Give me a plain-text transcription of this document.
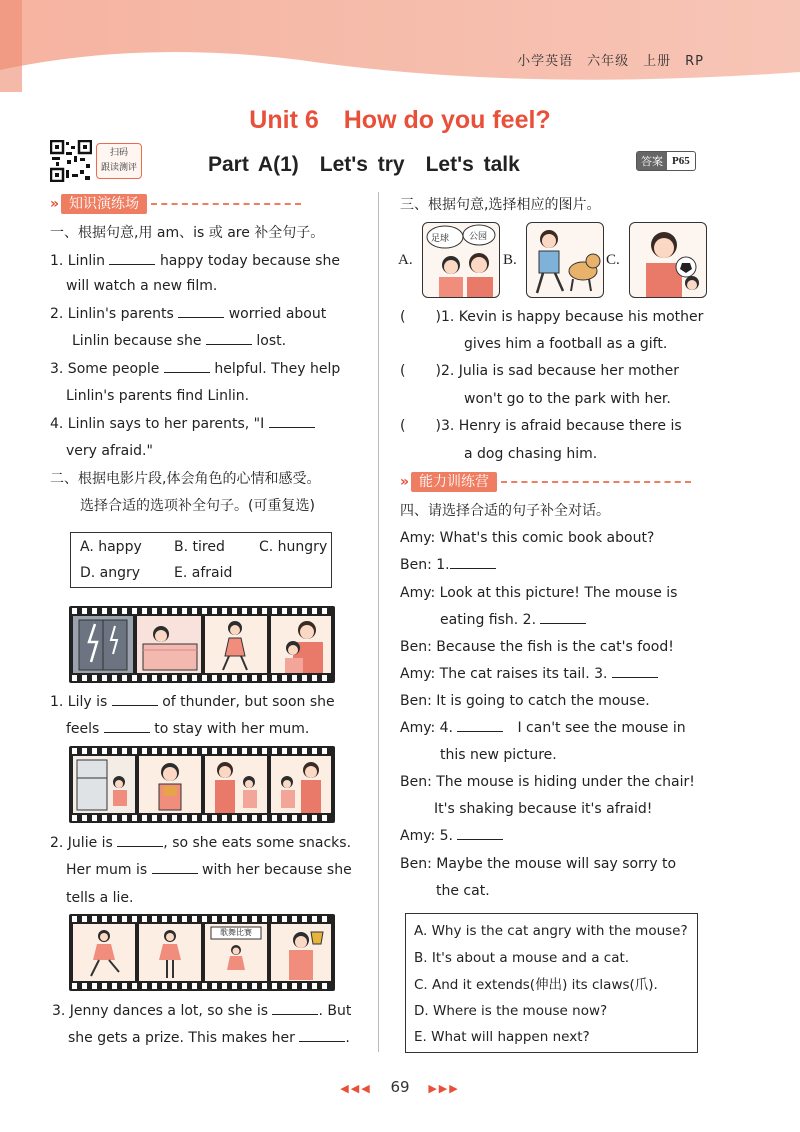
小学英语　六年级　上册　RP
Unit 6　How do you feel?
扫码
跟读测评	Part A(1)　Let's try　Let's talk	答案 P65
» 知识演练场
一、根据句意,用 am、is 或 are 补全句子。
1. Linlin	happy today because she
will watch a new film.
2. Linlin's parents	worried about
Linlin because she	lost.
3. Some people	helpful. They help
Linlin's parents find Linlin.
4. Linlin says to her parents, "I
very afraid."
二、根据电影片段,体会角色的心情和感受。
选择合适的选项补全句子。(可重复选)
A. happy B. tired C. hungry
D. angry E. afraid
1. Lily is	of thunder, but soon she
feels	to stay with her mum.
2. Julie is	, so she eats some snacks.
Her mum is	with her because she
tells a lie.
歌舞比赛
3. Jenny dances a lot, so she is	. But
she gets a prize. This makes her	.
三、根据句意,选择相应的图片。
A.
足球 公园
B.	C.
( )1. Kevin is happy because his mother
gives him a football as a gift.
( )2. Julia is sad because her mother
won't go to the park with her.
( )3. Henry is afraid because there is
a dog chasing him.
» 能力训练营
四、请选择合适的句子补全对话。
Amy: What's this comic book about?
Ben: 1.
Amy: Look at this picture! The mouse is
eating fish. 2.
Ben: Because the fish is the cat's food!
Amy: The cat raises its tail. 3.
Ben: It is going to catch the mouse.
Amy: 4. 　	I can't see the mouse in
this new picture.
Ben: The mouse is hiding under the chair!
It's shaking because it's afraid!
Amy: 5.
Ben: Maybe the mouse will say sorry to
the cat.
A. Why is the cat angry with the mouse?
B. It's about a mouse and a cat.
C. And it extends(伸出) its claws(爪).
D. Where is the mouse now?
E. What will happen next?
◀◀◀ 69 ▶▶▶
